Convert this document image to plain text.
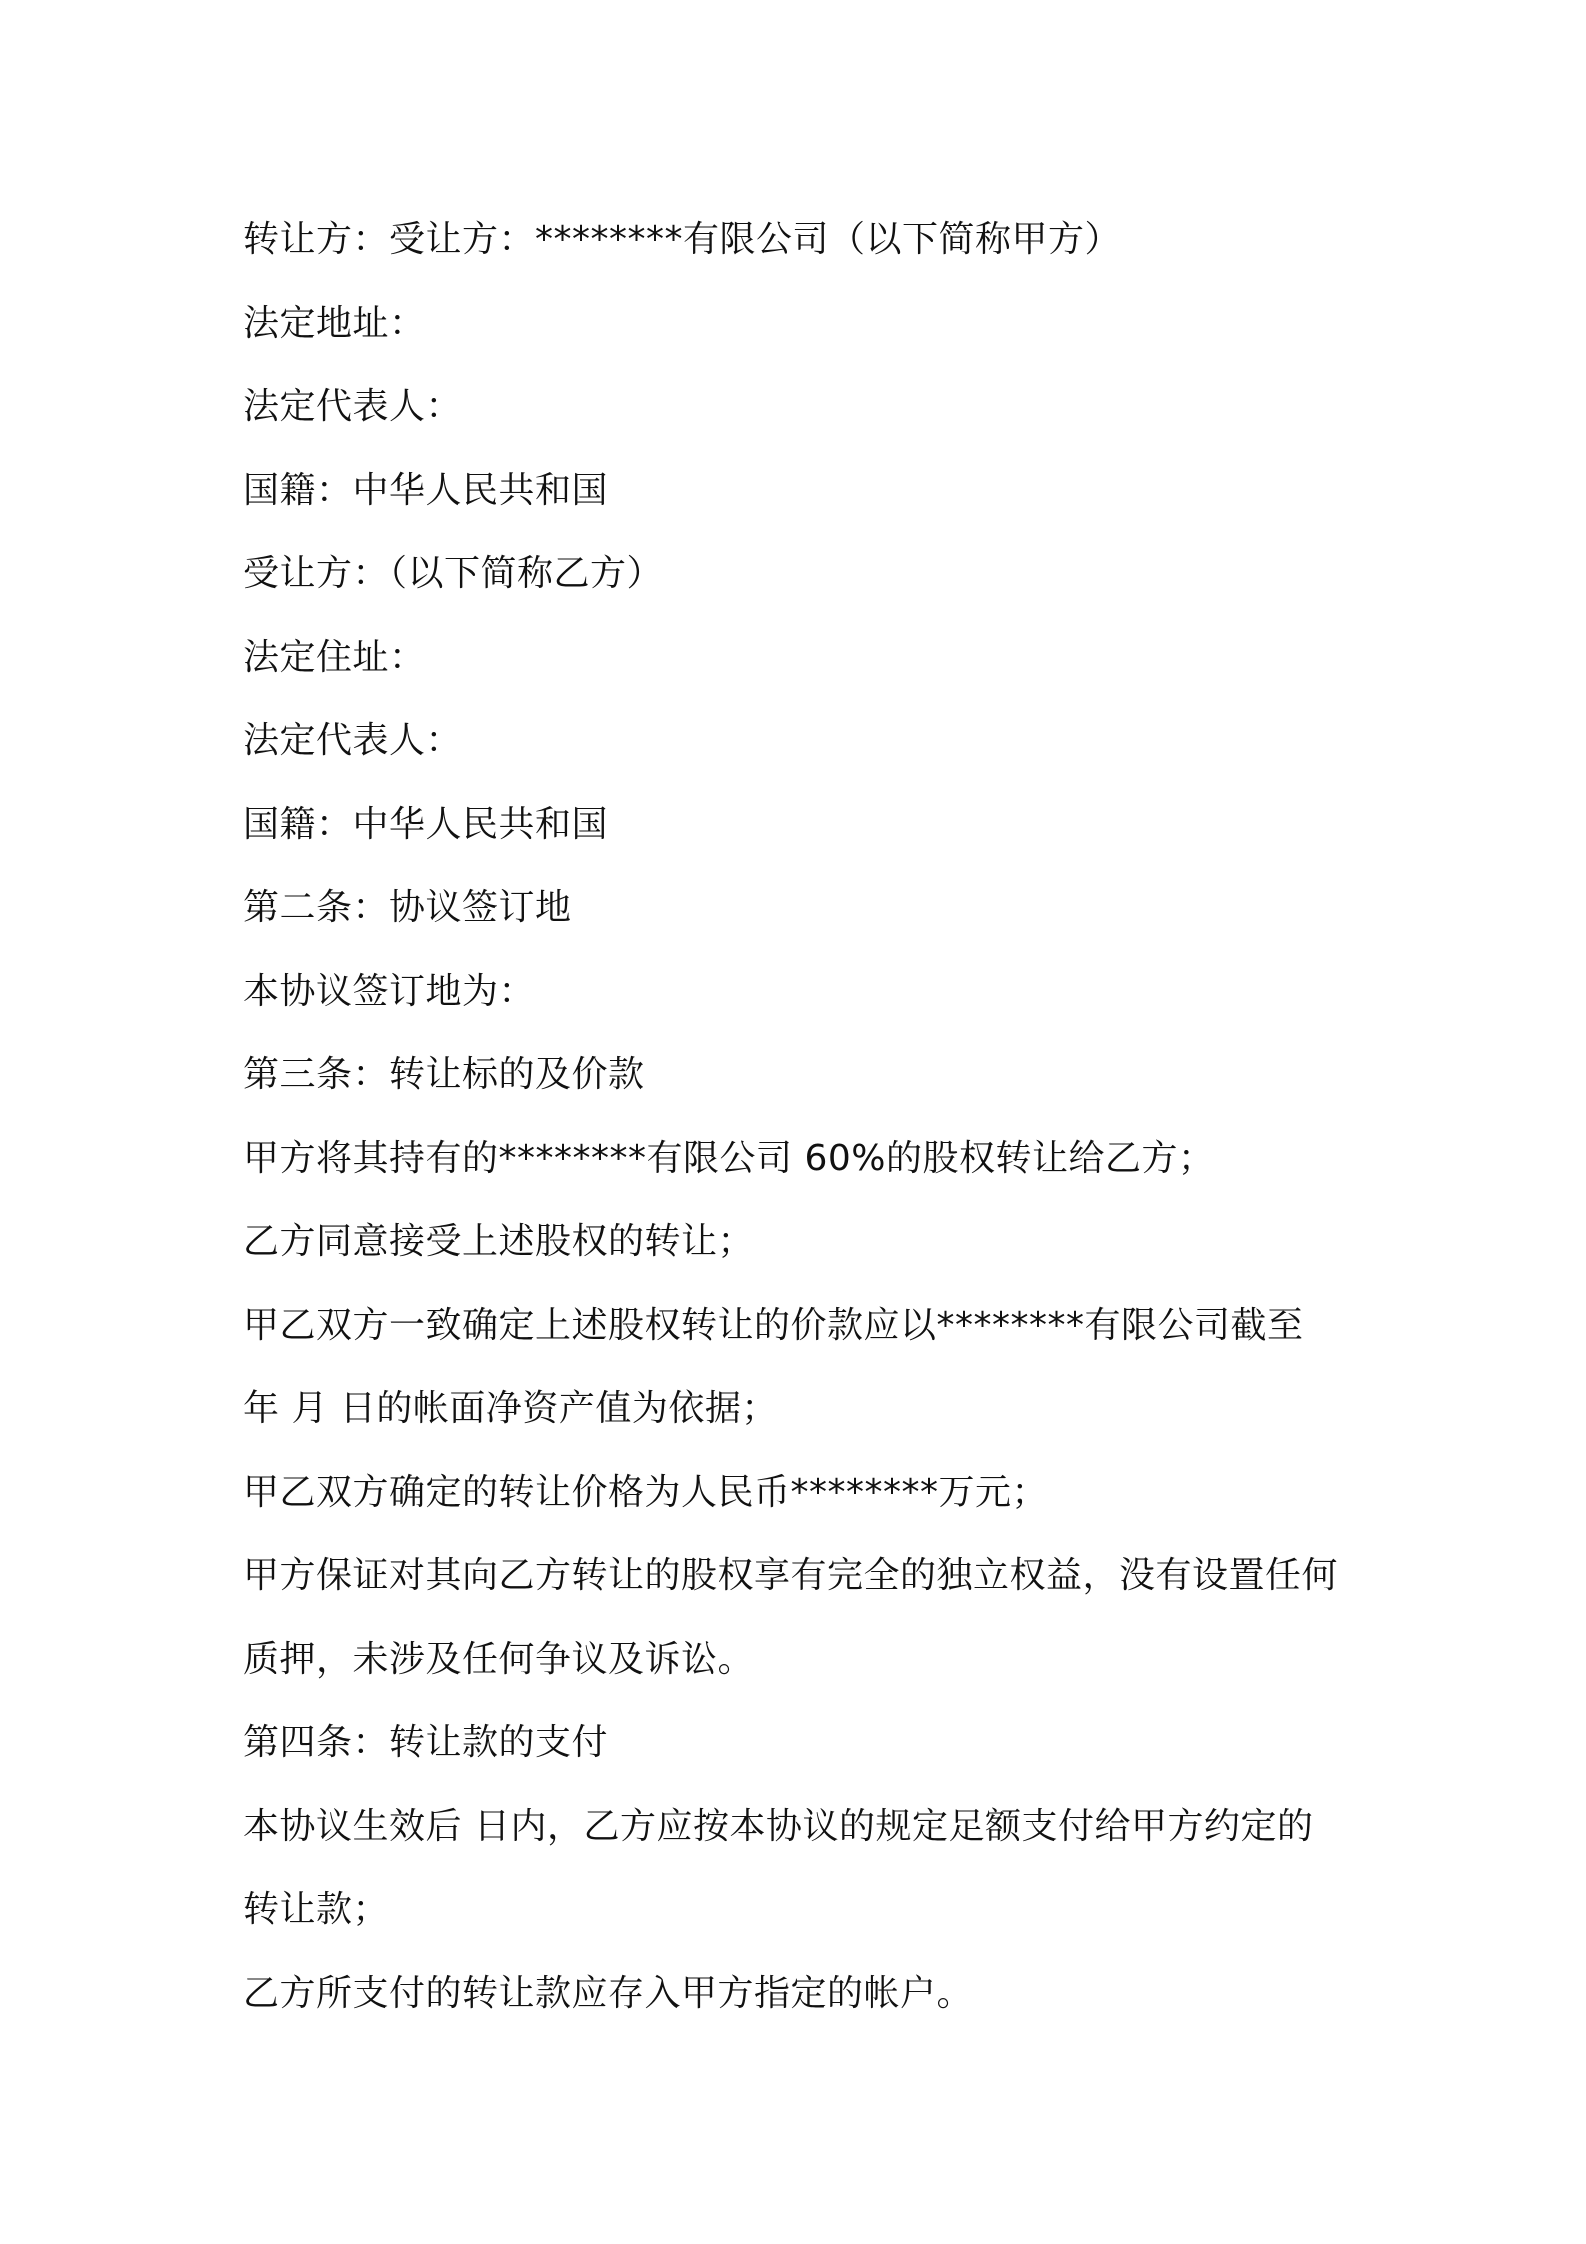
转让方：受让方：********有限公司（以下简称甲方）
法定地址：
法定代表人：
国籍：中华人民共和国
受让方：（以下简称乙方）
法定住址：
法定代表人：
国籍：中华人民共和国
第二条：协议签订地
本协议签订地为：
第三条：转让标的及价款
甲方将其持有的********有限公司 60%的股权转让给乙方；
乙方同意接受上述股权的转让；
甲乙双方一致确定上述股权转让的价款应以********有限公司截至
年 月 日的帐面净资产值为依据；
甲乙双方确定的转让价格为人民币********万元；
甲方保证对其向乙方转让的股权享有完全的独立权益，没有设置任何
质押，未涉及任何争议及诉讼。
第四条：转让款的支付
本协议生效后 日内，乙方应按本协议的规定足额支付给甲方约定的
转让款；
乙方所支付的转让款应存入甲方指定的帐户。
